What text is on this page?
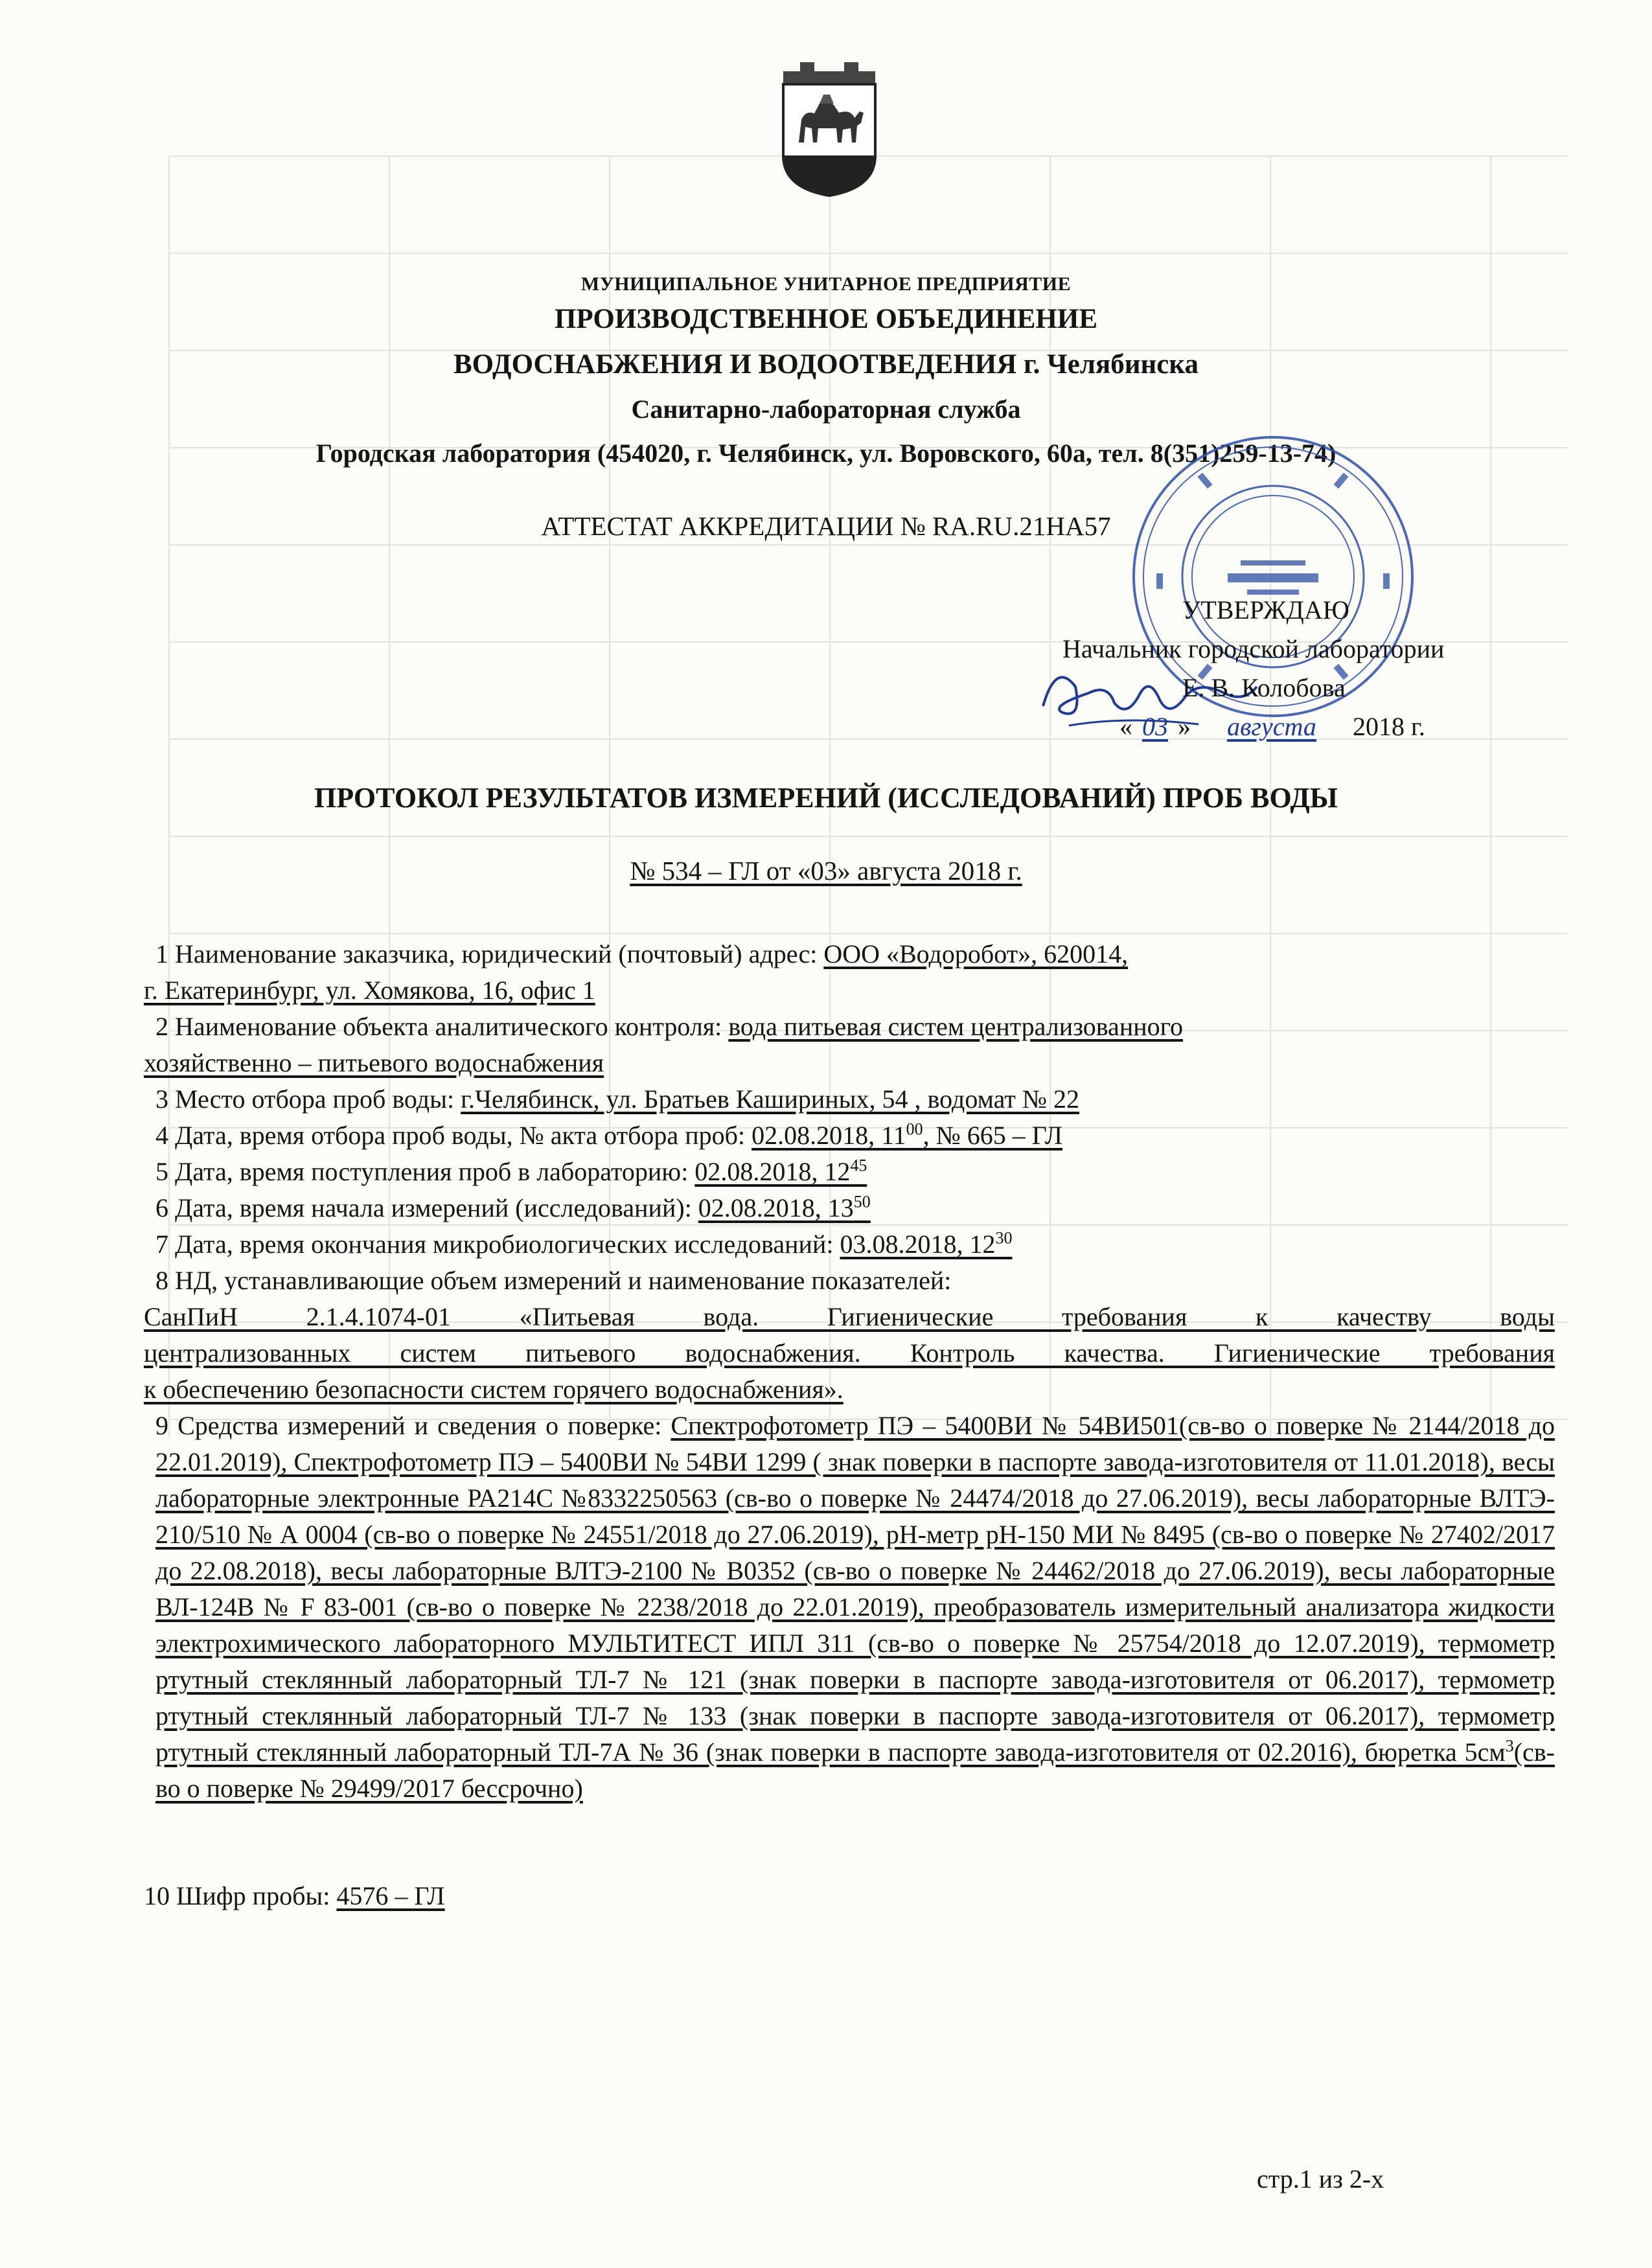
МУНИЦИПАЛЬНОЕ УНИТАРНОЕ ПРЕДПРИЯТИЕ
ПРОИЗВОДСТВЕННОЕ ОБЪЕДИНЕНИЕ
ВОДОСНАБЖЕНИЯ И ВОДООТВЕДЕНИЯ г. Челябинска
Санитарно-лабораторная служба
Городская лаборатория (454020, г. Челябинск, ул. Воровского, 60а, тел. 8(351)259-13-74)
АТТЕСТАТ АККРЕДИТАЦИИ № RA.RU.21НА57
УТВЕРЖДАЮ
Начальник городской лаборатории
Е. В. Колобова
« 03 » августа 2018 г.
ПРОТОКОЛ РЕЗУЛЬТАТОВ ИЗМЕРЕНИЙ (ИССЛЕДОВАНИЙ) ПРОБ ВОДЫ
№ 534 – ГЛ от «03» августа 2018 г.
1 Наименование заказчика, юридический (почтовый) адрес: ООО «Водоробот», 620014,
г. Екатеринбург, ул. Хомякова, 16, офис 1
2 Наименование объекта аналитического контроля: вода питьевая систем централизованного
хозяйственно – питьевого водоснабжения
3 Место отбора проб воды: г.Челябинск, ул. Братьев Кашириных, 54 , водомат № 22
4 Дата, время отбора проб воды, № акта отбора проб: 02.08.2018, $11^{00}$, № 665 – ГЛ
5 Дата, время поступления проб в лабораторию: 02.08.2018, $12^{45}$
6 Дата, время начала измерений (исследований): 02.08.2018, $13^{50}$
7 Дата, время окончания микробиологических исследований: 03.08.2018, $12^{30}$
8 НД, устанавливающие объем измерений и наименование показателей:
СанПиН 2.1.4.1074-01 «Питьевая вода. Гигиенические требования к качеству воды
централизованных систем питьевого водоснабжения. Контроль качества. Гигиенические требования
к обеспечению безопасности систем горячего водоснабжения».
9 Средства измерений и сведения о поверке: Спектрофотометр ПЭ – 5400ВИ № 54ВИ501(св-во о поверке № 2144/2018 до 22.01.2019), Спектрофотометр ПЭ – 5400ВИ № 54ВИ 1299 ( знак поверки в паспорте завода-изготовителя от 11.01.2018), весы лабораторные электронные РА214С №8332250563 (св-во о поверке № 24474/2018 до 27.06.2019), весы лабораторные ВЛТЭ- 210/510 № А 0004 (св-во о поверке № 24551/2018 до 27.06.2019), рН-метр рН-150 МИ № 8495 (св-во о поверке № 27402/2017 до 22.08.2018), весы лабораторные ВЛТЭ-2100 № В0352 (св-во о поверке № 24462/2018 до 27.06.2019), весы лабораторные ВЛ-124В № F 83-001 (св-во о поверке № 2238/2018 до 22.01.2019), преобразователь измерительный анализатора жидкости электрохимического лабораторного МУЛЬТИТЕСТ ИПЛ 311 (св-во о поверке № 25754/2018 до 12.07.2019), термометр ртутный стеклянный лабораторный ТЛ-7 № 121 (знак поверки в паспорте завода-изготовителя от 06.2017), термометр ртутный стеклянный лабораторный ТЛ-7 № 133 (знак поверки в паспорте завода-изготовителя от 06.2017), термометр ртутный стеклянный лабораторный ТЛ-7А № 36 (знак поверки в паспорте завода-изготовителя от 02.2016), бюретка $5см^3(св-во$ о поверке № 29499/2017 бессрочно)
10 Шифр пробы: 4576 – ГЛ
стр.1 из 2-х
